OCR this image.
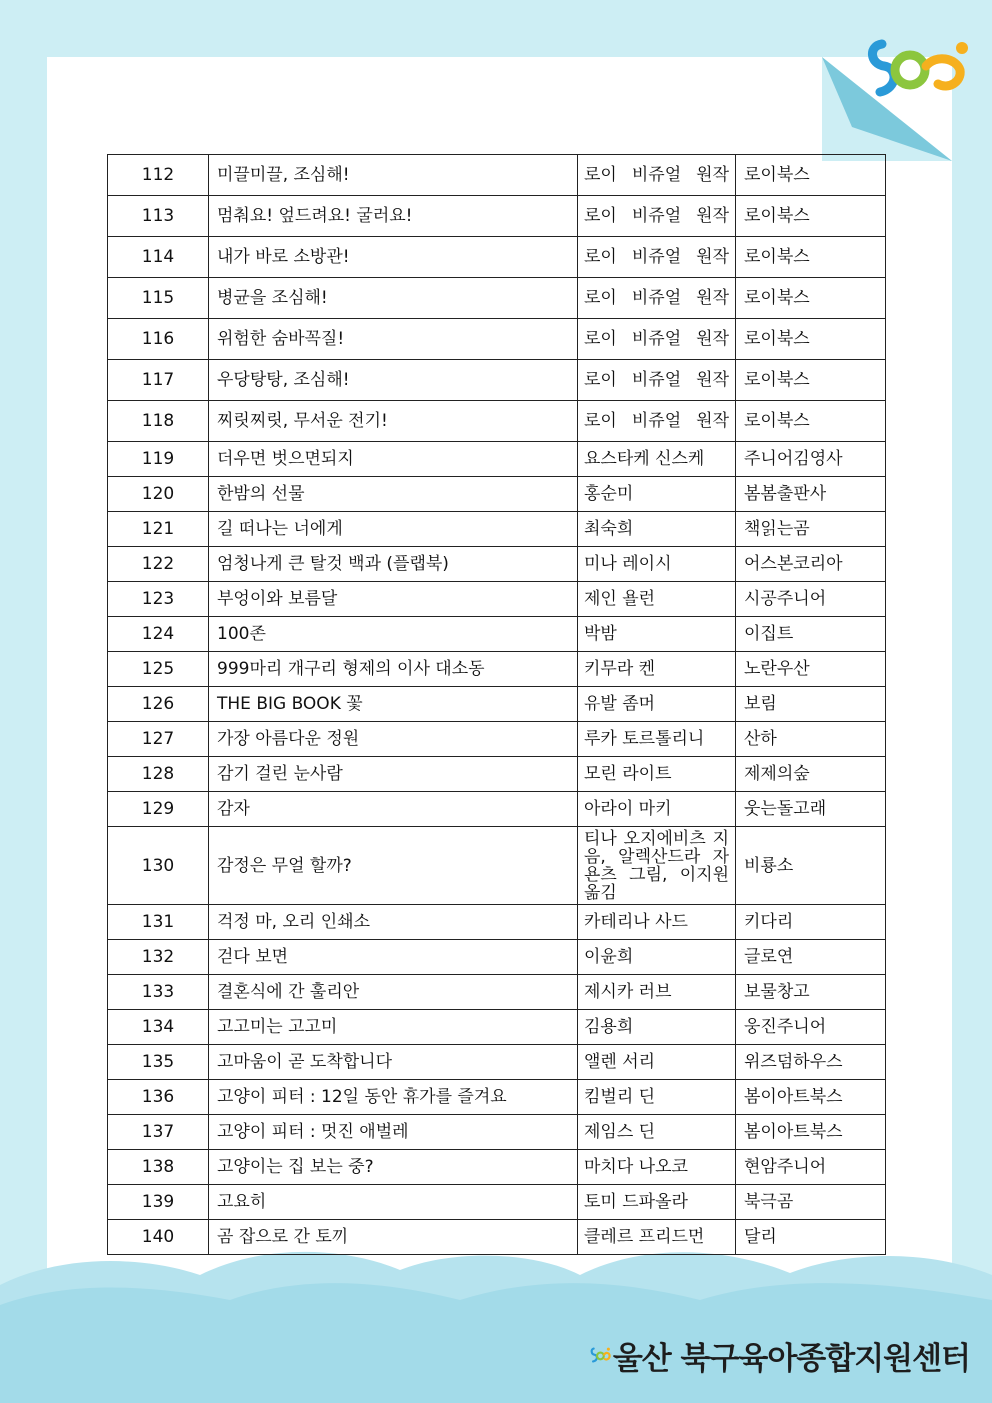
112	미끌미끌, 조심해!	로이 비쥬얼 원작	로이북스
113	멈춰요! 엎드려요! 굴러요!	로이 비쥬얼 원작	로이북스
114	내가 바로 소방관!	로이 비쥬얼 원작	로이북스
115	병균을 조심해!	로이 비쥬얼 원작	로이북스
116	위험한 숨바꼭질!	로이 비쥬얼 원작	로이북스
117	우당탕탕, 조심해!	로이 비쥬얼 원작	로이북스
118	찌릿찌릿, 무서운 전기!	로이 비쥬얼 원작	로이북스
119	더우면 벗으면되지	요스타케 신스케	주니어김영사
120	한밤의 선물	홍순미	봄봄출판사
121	길 떠나는 너에게	최숙희	책읽는곰
122	엄청나게 큰 탈것 백과 (플랩북)	미나 레이시	어스본코리아
123	부엉이와 보름달	제인 욜런	시공주니어
124	100존	박밤	이집트
125	999마리 개구리 형제의 이사 대소동	키무라 켄	노란우산
126	THE BIG BOOK 꽃	유발 좀머	보림
127	가장 아름다운 정원	루카 토르톨리니	산하
128	감기 걸린 눈사람	모린 라이트	제제의숲
129	감자	아라이 마키	웃는돌고래
130	감정은 무얼 할까?	티나 오지에비츠 지음, 알렉산드라 자욘츠 그림, 이지원 옮김	비룡소
131	걱정 마, 오리 인쇄소	카테리나 사드	키다리
132	걷다 보면	이윤희	글로연
133	결혼식에 간 훌리안	제시카 러브	보물창고
134	고고미는 고고미	김용희	웅진주니어
135	고마움이 곧 도착합니다	앨렌 서리	위즈덤하우스
136	고양이 피터 : 12일 동안 휴가를 즐겨요	킴벌리 딘	봄이아트북스
137	고양이 피터 : 멋진 애벌레	제임스 딘	봄이아트북스
138	고양이는 집 보는 중?	마치다 나오코	현암주니어
139	고요히	토미 드파올라	북극곰
140	곰 잡으로 간 토끼	클레르 프리드먼	달리
울산 북구육아종합지원센터
